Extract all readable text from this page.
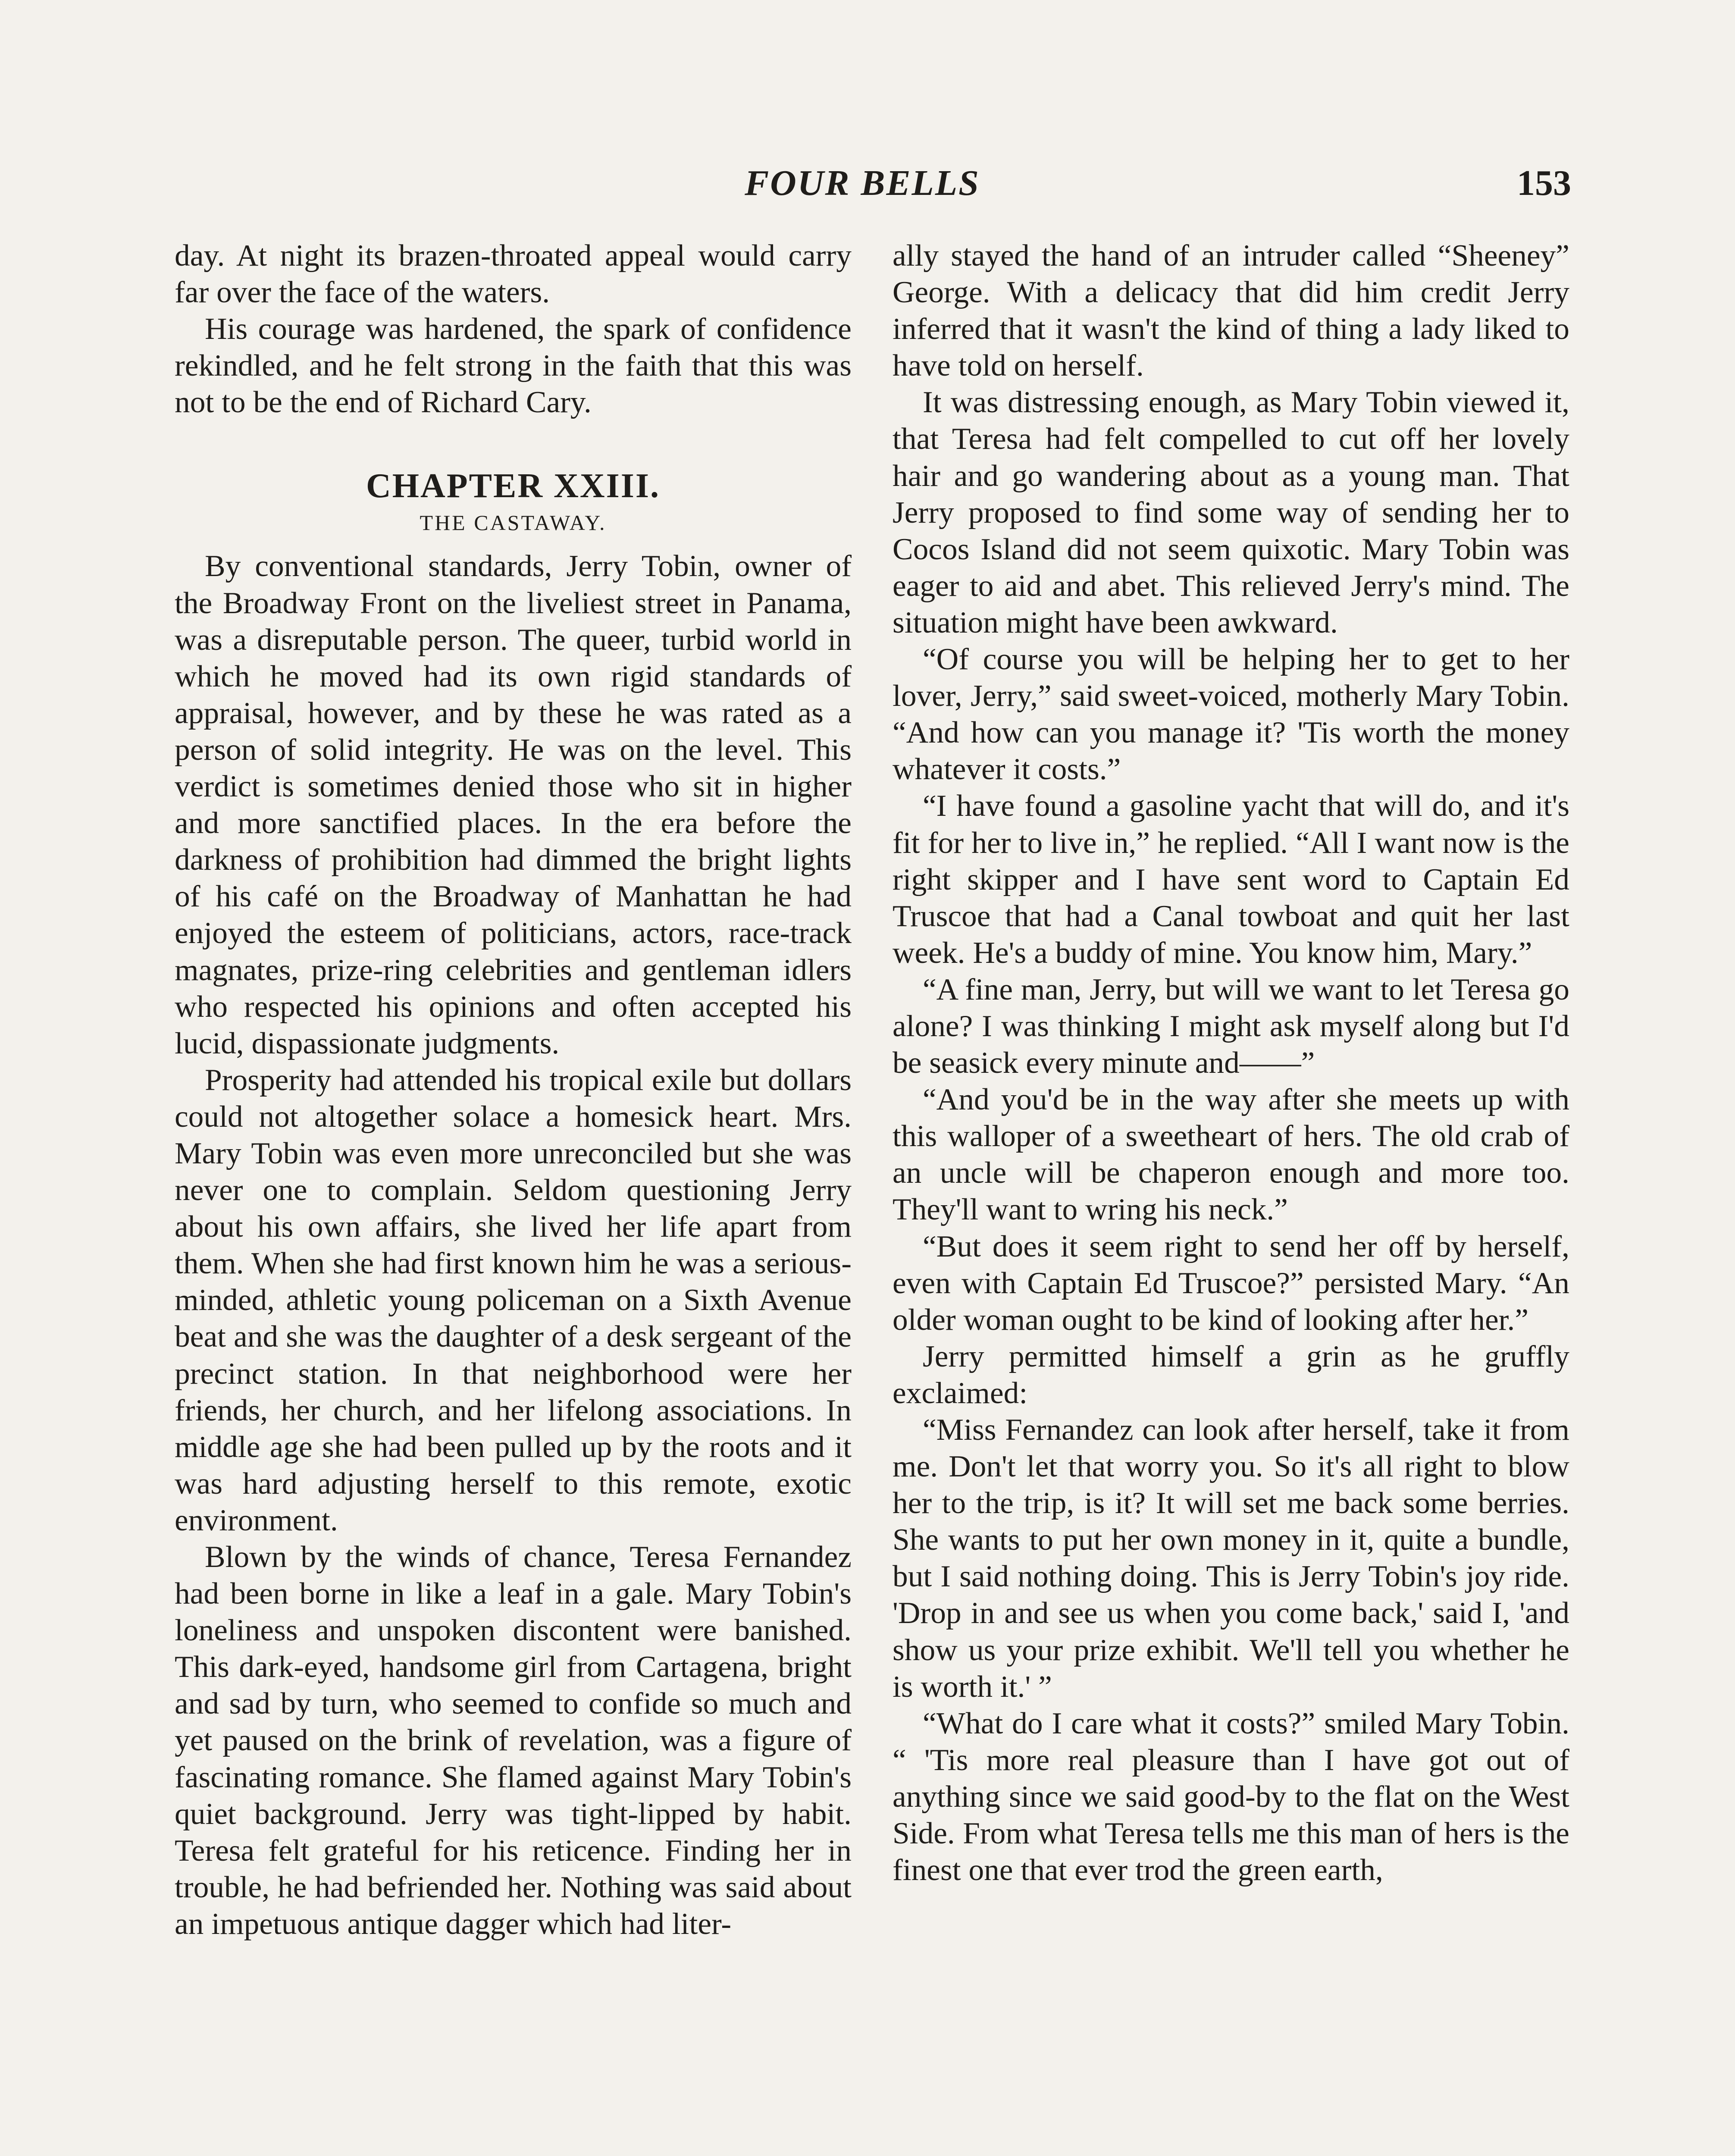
FOUR BELLS	153

day. At night its brazen-throated appeal would carry far over the face of the waters.

His courage was hardened, the spark of confidence rekindled, and he felt strong in the faith that this was not to be the end of Richard Cary.

CHAPTER XXIII.
THE CASTAWAY.

By conventional standards, Jerry Tobin, owner of the Broadway Front on the liveliest street in Panama, was a disreputable person. The queer, turbid world in which he moved had its own rigid standards of appraisal, however, and by these he was rated as a person of solid integrity. He was on the level. This verdict is sometimes denied those who sit in higher and more sanctified places. In the era before the darkness of prohibition had dimmed the bright lights of his café on the Broadway of Manhattan he had enjoyed the esteem of politicians, actors, race-track magnates, prize-ring celebrities and gentleman idlers who respected his opinions and often accepted his lucid, dispassionate judgments.

Prosperity had attended his tropical exile but dollars could not altogether solace a homesick heart. Mrs. Mary Tobin was even more unreconciled but she was never one to complain. Seldom questioning Jerry about his own affairs, she lived her life apart from them. When she had first known him he was a serious-minded, athletic young policeman on a Sixth Avenue beat and she was the daughter of a desk sergeant of the precinct station. In that neighborhood were her friends, her church, and her lifelong associations. In middle age she had been pulled up by the roots and it was hard adjusting herself to this remote, exotic environment.

Blown by the winds of chance, Teresa Fernandez had been borne in like a leaf in a gale. Mary Tobin's loneliness and unspoken discontent were banished. This dark-eyed, handsome girl from Cartagena, bright and sad by turn, who seemed to confide so much and yet paused on the brink of revelation, was a figure of fascinating romance. She flamed against Mary Tobin's quiet background. Jerry was tight-lipped by habit. Teresa felt grateful for his reticence. Finding her in trouble, he had befriended her. Nothing was said about an impetuous antique dagger which had liter-

ally stayed the hand of an intruder called “Sheeney” George. With a delicacy that did him credit Jerry inferred that it wasn't the kind of thing a lady liked to have told on herself.

It was distressing enough, as Mary Tobin viewed it, that Teresa had felt compelled to cut off her lovely hair and go wandering about as a young man. That Jerry proposed to find some way of sending her to Cocos Island did not seem quixotic. Mary Tobin was eager to aid and abet. This relieved Jerry's mind. The situation might have been awkward.

“Of course you will be helping her to get to her lover, Jerry,” said sweet-voiced, motherly Mary Tobin. “And how can you manage it? 'Tis worth the money whatever it costs.”

“I have found a gasoline yacht that will do, and it's fit for her to live in,” he replied. “All I want now is the right skipper and I have sent word to Captain Ed Truscoe that had a Canal towboat and quit her last week. He's a buddy of mine. You know him, Mary.”

“A fine man, Jerry, but will we want to let Teresa go alone? I was thinking I might ask myself along but I'd be seasick every minute and——”

“And you'd be in the way after she meets up with this walloper of a sweetheart of hers. The old crab of an uncle will be chaperon enough and more too. They'll want to wring his neck.”

“But does it seem right to send her off by herself, even with Captain Ed Truscoe?” persisted Mary. “An older woman ought to be kind of looking after her.”

Jerry permitted himself a grin as he gruffly exclaimed:

“Miss Fernandez can look after herself, take it from me. Don't let that worry you. So it's all right to blow her to the trip, is it? It will set me back some berries. She wants to put her own money in it, quite a bundle, but I said nothing doing. This is Jerry Tobin's joy ride. 'Drop in and see us when you come back,' said I, 'and show us your prize exhibit. We'll tell you whether he is worth it.' ”

“What do I care what it costs?” smiled Mary Tobin. “ 'Tis more real pleasure than I have got out of anything since we said good-by to the flat on the West Side. From what Teresa tells me this man of hers is the finest one that ever trod the green earth,
